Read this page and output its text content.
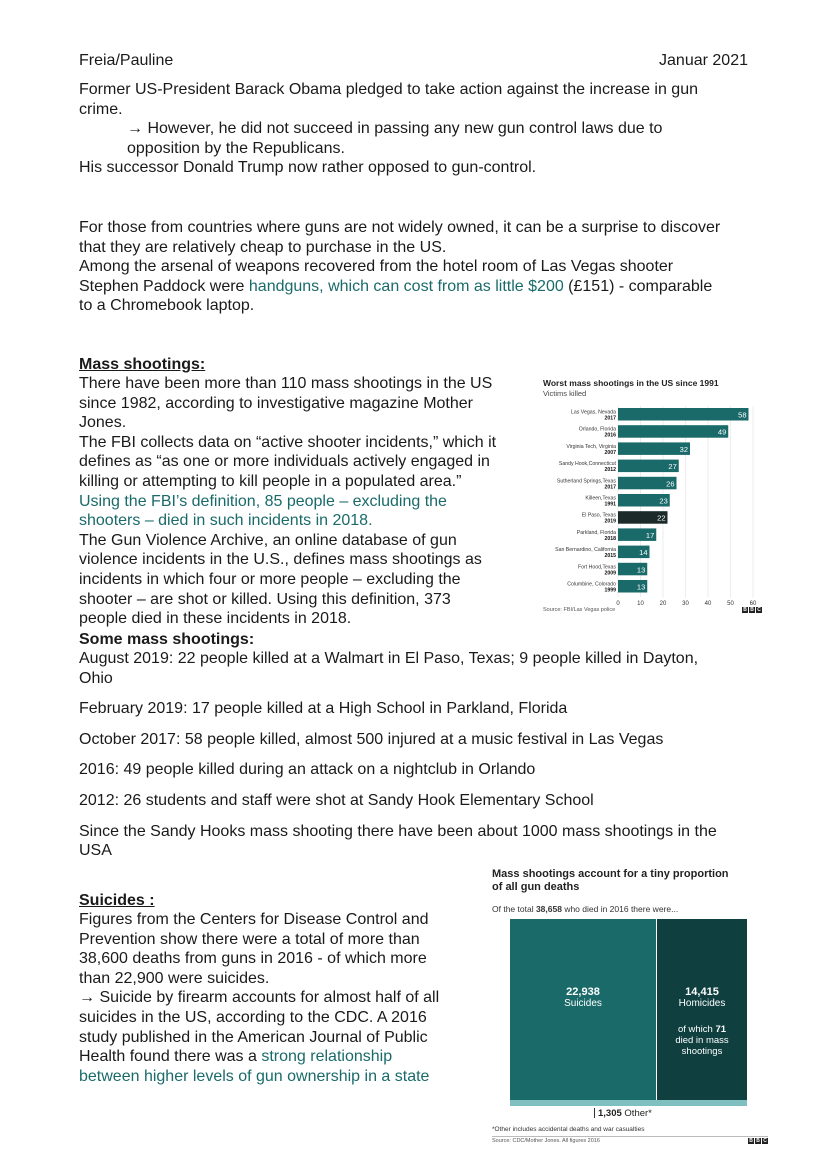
Freia/Pauline	Januar 2021

Former US-President Barack Obama pledged to take action against the increase in gun

crime.

→ However, he did not succeed in passing any new gun control laws due to

opposition by the Republicans.

His successor Donald Trump now rather opposed to gun-control.

For those from countries where guns are not widely owned, it can be a surprise to discover

that they are relatively cheap to purchase in the US.

Among the arsenal of weapons recovered from the hotel room of Las Vegas shooter

Stephen Paddock were handguns, which can cost from as little $200 (£151) - comparable

to a Chromebook laptop.

Mass shootings:

There have been more than 110 mass shootings in the US

since 1982, according to investigative magazine Mother

Jones.

The FBI collects data on “active shooter incidents,” which it

defines as “as one or more individuals actively engaged in

killing or attempting to kill people in a populated area.”

Using the FBI’s definition, 85 people – excluding the

shooters – died in such incidents in 2018.

The Gun Violence Archive, an online database of gun

violence incidents in the U.S., defines mass shootings as

incidents in which four or more people – excluding the

shooter – are shot or killed. Using this definition, 373

people died in these incidents in 2018.

Some mass shootings:

August 2019: 22 people killed at a Walmart in El Paso, Texas; 9 people killed in Dayton,

Ohio

February 2019: 17 people killed at a High School in Parkland, Florida

October 2017: 58 people killed, almost 500 injured at a music festival in Las Vegas

2016: 49 people killed during an attack on a nightclub in Orlando

2012: 26 students and staff were shot at Sandy Hook Elementary School

Since the Sandy Hooks mass shooting there have been about 1000 mass shootings in the

USA

Suicides :

Figures from the Centers for Disease Control and

Prevention show there were a total of more than

38,600 deaths from guns in 2016 - of which more

than 22,900 were suicides.

→ Suicide by firearm accounts for almost half of all

suicides in the US, according to the CDC. A 2016

study published in the American Journal of Public

Health found there was a strong relationship

between higher levels of gun ownership in a state

Worst mass shootings in the US since 1991
Victims killed
58
Las Vegas, Nevada
2017
49
Orlando, Florida
2016
32
Virginia Tech, Virginia
2007
27
Sandy Hook,Connecticut
2012
26
Sutherland Springs,Texas
2017
23
Killeen,Texas
1991
22
El Paso, Texas
2019
17
Parkland, Florida
2018
14
San Bernardino, California
2015
13
Fort Hood,Texas
2009
13
Columbine, Colorado
1999
0	10	20	30	40	50	60
Source: FBI/Las Vegas police	B B C
Mass shootings account for a tiny proportion
of all gun deaths
Of the total 38,658 who died in 2016 there were...
22,938
Suicides
14,415
Homicides
of which 71
died in mass
shootings
1,305 Other*
*Other includes accidental deaths and war casualties
Source: CDC/Mother Jones. All figures 2016	B B C
